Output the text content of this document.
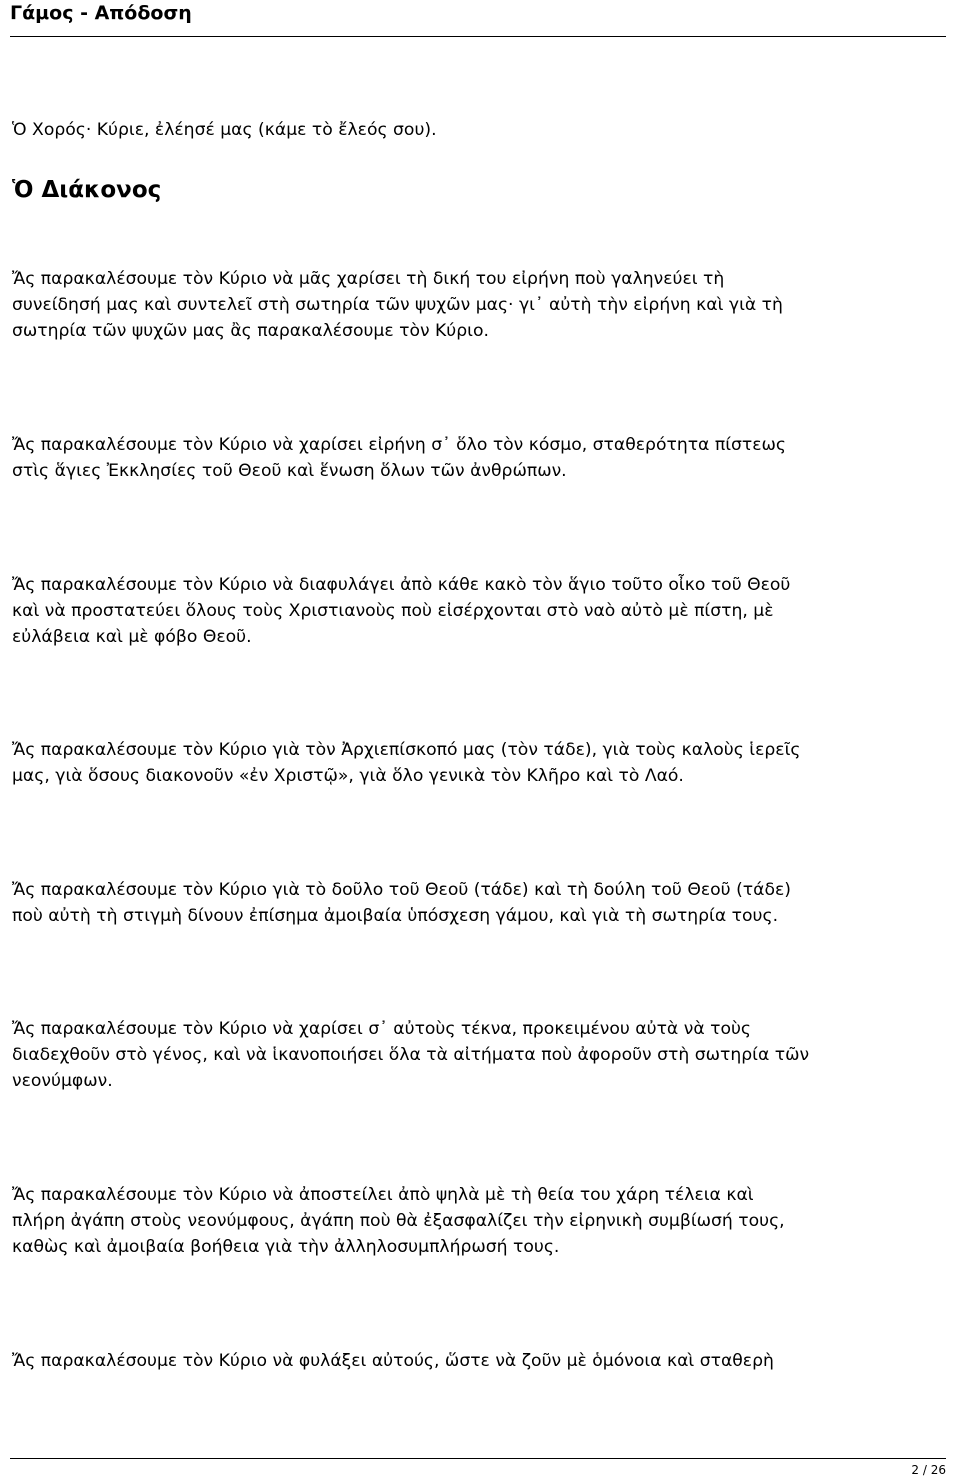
Γάμος - Απόδοση

Ὁ Χορός· Κύριε, ἐλέησέ μας (κάμε τὸ ἔλεός σου).

Ὁ Διάκονος

Ἄς παρακαλέσουμε τὸν Κύριο νὰ μᾶς χαρίσει τὴ δική του εἰρήνη ποὺ γαληνεύει τὴ
συνείδησή μας καὶ συντελεῖ στὴ σωτηρία τῶν ψυχῶν μας· γι᾿ αὐτὴ τὴν εἰρήνη καὶ γιὰ τὴ
σωτηρία τῶν ψυχῶν μας ἂς παρακαλέσουμε τὸν Κύριο.

Ἄς παρακαλέσουμε τὸν Κύριο νὰ χαρίσει εἰρήνη σ᾿ ὅλο τὸν κόσμο, σταθερότητα πίστεως
στὶς ἅγιες Ἐκκλησίες τοῦ Θεοῦ καὶ ἕνωση ὅλων τῶν ἀνθρώπων.

Ἄς παρακαλέσουμε τὸν Κύριο νὰ διαφυλάγει ἀπὸ κάθε κακὸ τὸν ἅγιο τοῦτο οἶκο τοῦ Θεοῦ
καὶ νὰ προστατεύει ὅλους τοὺς Χριστιανοὺς ποὺ εἰσέρχονται στὸ ναὸ αὐτὸ μὲ πίστη, μὲ
εὐλάβεια καὶ μὲ φόβο Θεοῦ.

Ἄς παρακαλέσουμε τὸν Κύριο γιὰ τὸν Ἀρχιεπίσκοπό μας (τὸν τάδε), γιὰ τοὺς καλοὺς ἱερεῖς
μας, γιὰ ὅσους διακονοῦν «ἐν Χριστῷ», γιὰ ὅλο γενικὰ τὸν Κλῆρο καὶ τὸ Λαό.

Ἄς παρακαλέσουμε τὸν Κύριο γιὰ τὸ δοῦλο τοῦ Θεοῦ (τάδε) καὶ τὴ δούλη τοῦ Θεοῦ (τάδε)
ποὺ αὐτὴ τὴ στιγμὴ δίνουν ἐπίσημα ἀμοιβαία ὑπόσχεση γάμου, καὶ γιὰ τὴ σωτηρία τους.

Ἄς παρακαλέσουμε τὸν Κύριο νὰ χαρίσει σ᾿ αὐτοὺς τέκνα, προκειμένου αὐτὰ νὰ τοὺς
διαδεχθοῦν στὸ γένος, καὶ νὰ ἱκανοποιήσει ὅλα τὰ αἰτήματα ποὺ ἀφοροῦν στὴ σωτηρία τῶν
νεονύμφων.

Ἄς παρακαλέσουμε τὸν Κύριο νὰ ἀποστείλει ἀπὸ ψηλὰ μὲ τὴ θεία του χάρη τέλεια καὶ
πλήρη ἀγάπη στοὺς νεονύμφους, ἀγάπη ποὺ θὰ ἐξασφαλίζει τὴν εἰρηνικὴ συμβίωσή τους,
καθὼς καὶ ἀμοιβαία βοήθεια γιὰ τὴν ἀλληλοσυμπλήρωσή τους.

Ἄς παρακαλέσουμε τὸν Κύριο νὰ φυλάξει αὐτούς, ὥστε νὰ ζοῦν μὲ ὁμόνοια καὶ σταθερὴ

2 / 26
